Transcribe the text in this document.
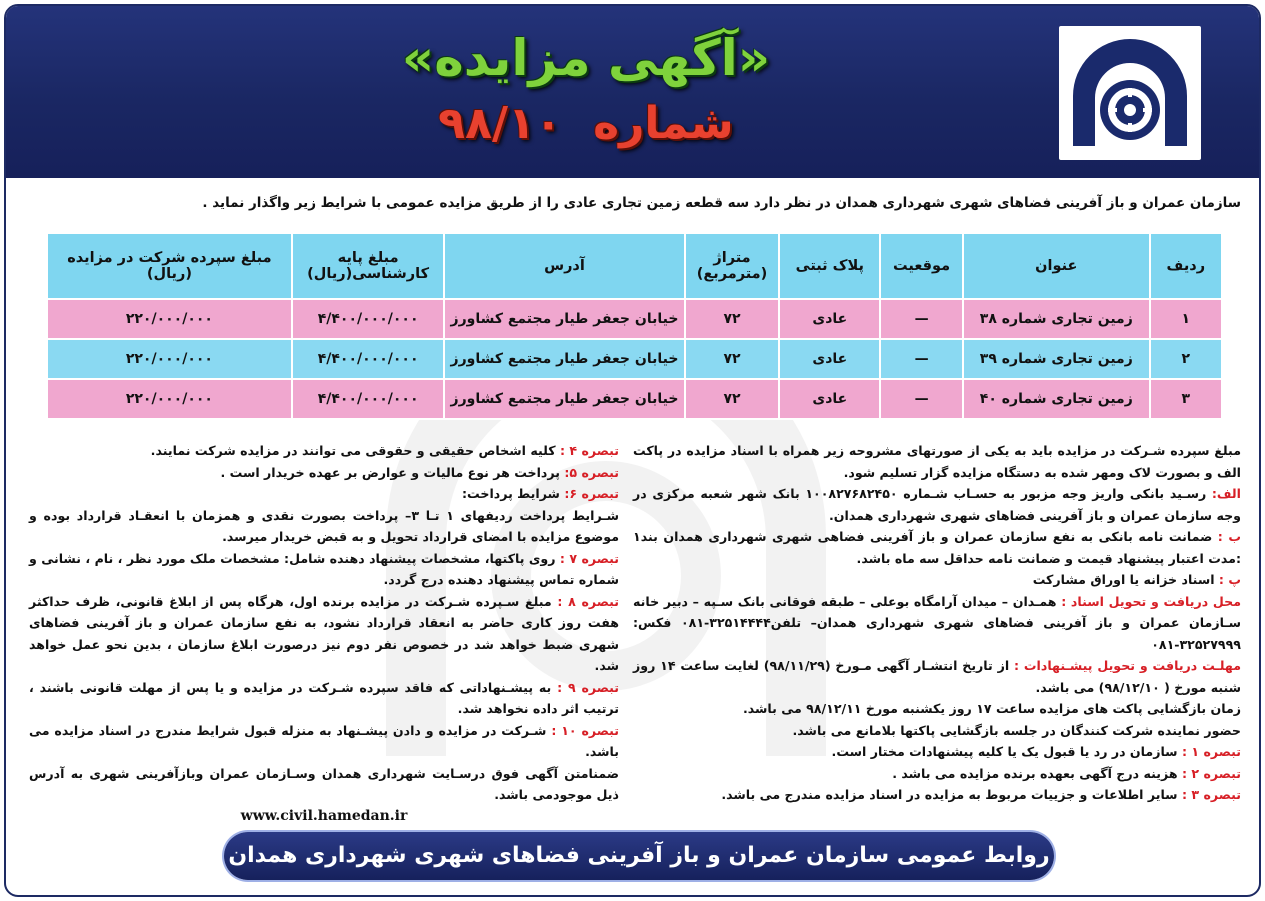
«آگهی مزایده»
شماره ۹۸/۱۰
سازمان عمران و باز آفرینی فضاهای شهری شهرداری همدان در نظر دارد سه قطعه زمین تجاری عادی را از طریق مزایده عمومی با شرایط زیر واگذار نماید .
ردیف	عنوان	موقعیت	پلاک ثبتی	متراژ (مترمربع)	آدرس	مبلغ پایه کارشناسی(ریال)	مبلغ سپرده شرکت در مزایده (ریال)
۱	زمین تجاری شماره ۳۸	—	عادی	۷۲	خیابان جعفر طیار مجتمع کشاورز	۴/۴۰۰/۰۰۰/۰۰۰	۲۲۰/۰۰۰/۰۰۰
۲	زمین تجاری شماره ۳۹	—	عادی	۷۲	خیابان جعفر طیار مجتمع کشاورز	۴/۴۰۰/۰۰۰/۰۰۰	۲۲۰/۰۰۰/۰۰۰
۳	زمین تجاری شماره ۴۰	—	عادی	۷۲	خیابان جعفر طیار مجتمع کشاورز	۴/۴۰۰/۰۰۰/۰۰۰	۲۲۰/۰۰۰/۰۰۰

مبلغ سپرده شـرکت در مزایده باید به یکی از صورتهای مشروحه زیر همراه با اسناد مزایده در پاکت الف و بصورت لاک ومهر شده به دستگاه مزایده گزار تسلیم شود.

الف: رسـید بانکی واریز وجه مزبور به حسـاب شـماره ۱۰۰۸۲۷۶۸۲۴۵۰ بانک شهر شعبه مرکزی در وجه سازمان عمران و باز آفرینی فضاهای شهری شهرداری همدان.

ب : ضمانت نامه بانکی به نفع سازمان عمران و باز آفرینی فضاهی شهری شهرداری همدان بند۱ :مدت اعتبار پیشنهاد قیمت و ضمانت نامه حداقل سه ماه باشد.

پ : اسناد خزانه یا اوراق مشارکت

محل دریافت و تحویل اسناد : همـدان – میدان آرامگاه بوعلی – طبقه فوقانی بانک سـپه – دبیر خانه سـازمان عمران و باز آفرینی فضاهای شهری شهرداری همدان– تلفن۳۲۵۱۴۴۴۴-۰۸۱ فکس: ۳۲۵۲۷۹۹۹-۰۸۱

مهلـت دریافت و تحویل پیشـنهادات : از تاریخ انتشـار آگهی مـورخ (۹۸/۱۱/۲۹) لغایت ساعت ۱۴ روز شنبه مورخ ( ۹۸/۱۲/۱۰) می باشد.

زمان بازگشایی پاکت های مزایده ساعت ۱۷ روز یکشنبه مورخ ۹۸/۱۲/۱۱ می باشد.

حضور نماینده شرکت کنندگان در جلسه بازگشایی پاکتها بلامانع می باشد.

تبصره ۱ : سازمان در رد یا قبول یک یا کلیه پیشنهادات مختار است.

تبصره ۲ : هزینه درج آگهی بعهده برنده مزایده می باشد .

تبصره ۳ : سایر اطلاعات و جزییات مربوط به مزایده در اسناد مزایده مندرج می باشد.

تبصره ۴ : کلیه اشخاص حقیقی و حقوقی می توانند در مزایده شرکت نمایند.

تبصره ۵: پرداخت هر نوع مالیات و عوارض بر عهده خریدار است .

تبصره ۶: شرایط پرداخت:

شـرایط پرداخت ردیفهای ۱ تـا ۳– پرداخت بصورت نقدی و همزمان با انعقـاد قرارداد بوده و موضوع مزایده با امضای قرارداد تحویل و به قبض خریدار میرسد.

تبصره ۷ : روی پاکتها، مشخصات پیشنهاد دهنده شامل: مشخصات ملک مورد نظر ، نام ، نشانی و شماره تماس پیشنهاد دهنده درج گردد.

تبصره ۸ : مبلغ سـپرده شـرکت در مزایده برنده اول، هرگاه پس از ابلاغ قانونی، ظرف حداکثر هفت روز کاری حاضر به انعقاد قرارداد نشود، به نفع سازمان عمران و باز آفرینی فضاهای شهری ضبط خواهد شد در خصوص نفر دوم نیز درصورت ابلاغ سازمان ، بدین نحو عمل خواهد شد.

تبصره ۹ : به پیشـنهاداتی که فاقد سپرده شـرکت در مزایده و یا پس از مهلت قانونی باشند ، ترتیب اثر داده نخواهد شد.

تبصره ۱۰ : شـرکت در مزایده و دادن پیشـنهاد به منزله قبول شرایط مندرج در اسناد مزایده می باشد.

ضمنامتن آگهی فوق درسـایت شهرداری همدان وسـازمان عمران وبازآفرینی شهری به آدرس ذیل موجودمی باشد.

www.civil.hamedan.ir

روابط عمومی سازمان عمران و باز آفرینی فضاهای شهری شهرداری همدان
